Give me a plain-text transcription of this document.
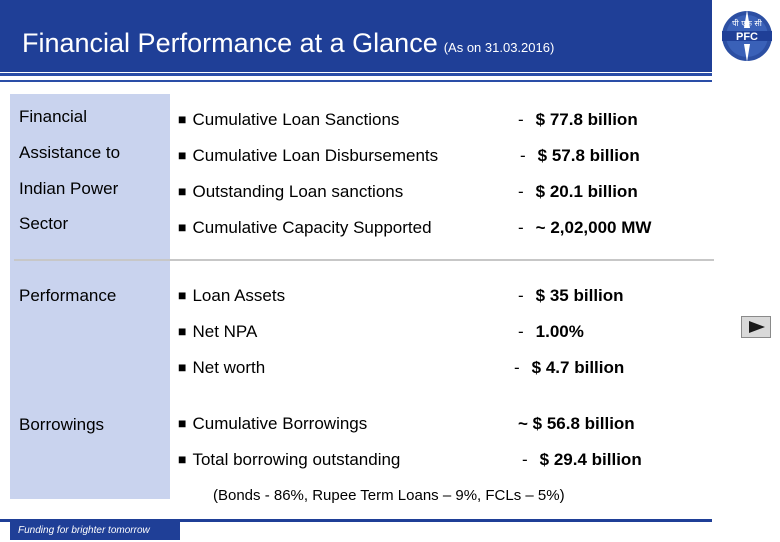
Financial Performance at a Glance (As on 31.03.2016)
पी एफ सी
PFC
Financial
Assistance to
Indian Power
Sector
■ Cumulative Loan Sanctions	- $ 77.8 billion
■ Cumulative Loan Disbursements	- $ 57.8 billion
■ Outstanding Loan sanctions	- $ 20.1 billion
■ Cumulative Capacity Supported	- ~ 2,02,000 MW
Performance	■ Loan Assets	- $ 35 billion
■ Net NPA	- 1.00%
■ Net worth	- $ 4.7 billion
Borrowings	■ Cumulative Borrowings	~ $ 56.8 billion
■ Total borrowing outstanding	- $ 29.4 billion
(Bonds - 86%, Rupee Term Loans – 9%, FCLs – 5%)
Funding for brighter tomorrow	6
